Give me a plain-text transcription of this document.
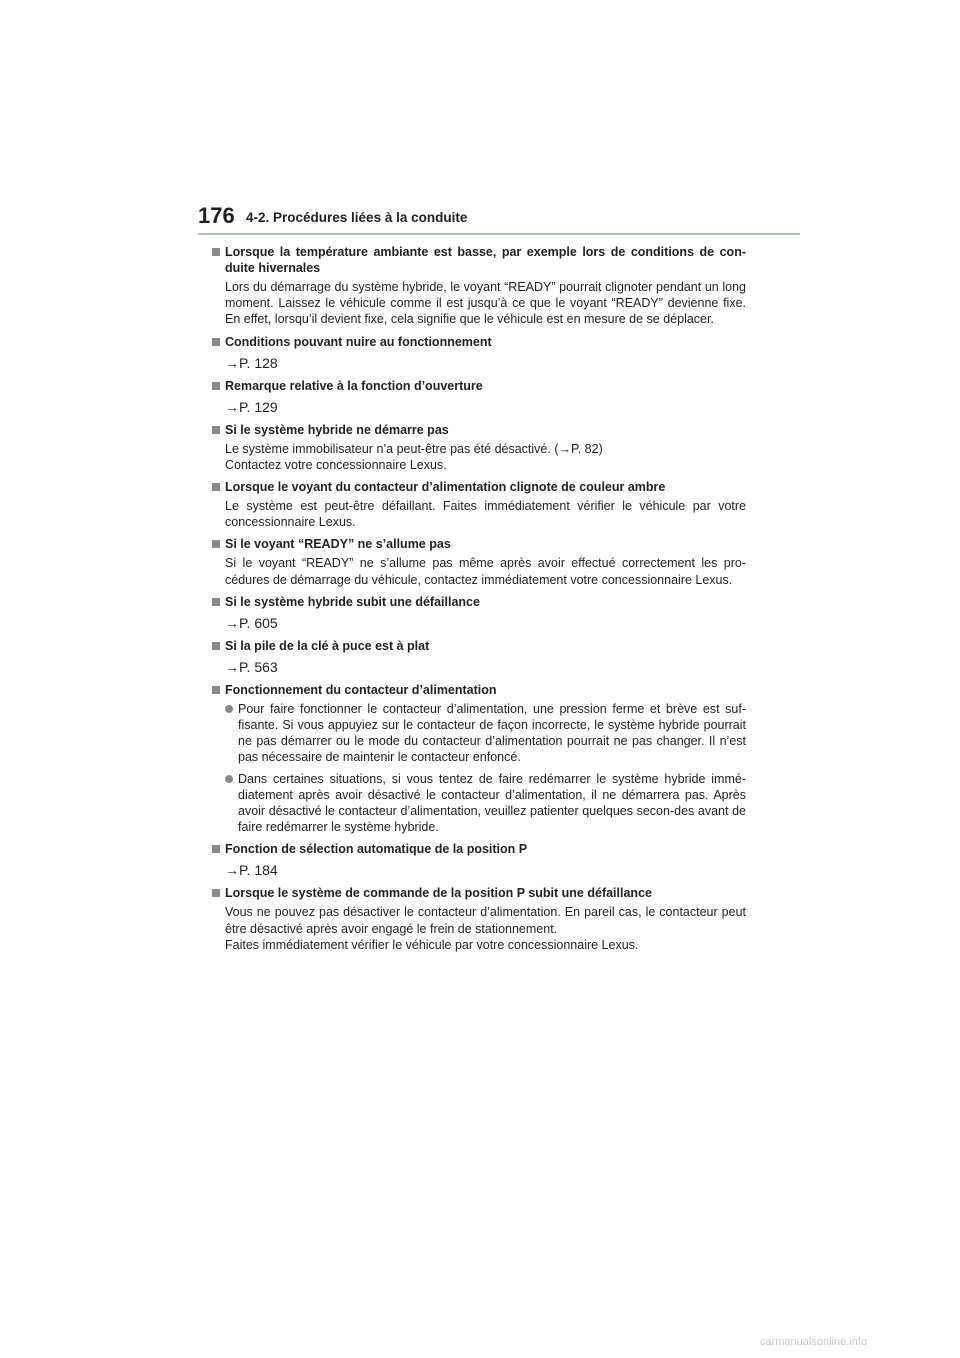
176 4-2. Procédures liées à la conduite
Lorsque la température ambiante est basse, par exemple lors de conditions de con-duite hivernales
Lors du démarrage du système hybride, le voyant “READY” pourrait clignoter pendant un long moment. Laissez le véhicule comme il est jusqu’à ce que le voyant “READY” devienne fixe. En effet, lorsqu’il devient fixe, cela signifie que le véhicule est en mesure de se déplacer.
Conditions pouvant nuire au fonctionnement
→P. 128
Remarque relative à la fonction d’ouverture
→P. 129
Si le système hybride ne démarre pas
Le système immobilisateur n’a peut-être pas été désactivé. (→P. 82)
Contactez votre concessionnaire Lexus.
Lorsque le voyant du contacteur d’alimentation clignote de couleur ambre
Le système est peut-être défaillant. Faites immédiatement vérifier le véhicule par votre concessionnaire Lexus.
Si le voyant “READY” ne s’allume pas
Si le voyant “READY” ne s’allume pas même après avoir effectué correctement les pro-cédures de démarrage du véhicule, contactez immédiatement votre concessionnaire Lexus.
Si le système hybride subit une défaillance
→P. 605
Si la pile de la clé à puce est à plat
→P. 563
Fonctionnement du contacteur d’alimentation
Pour faire fonctionner le contacteur d’alimentation, une pression ferme et brève est suf-fisante. Si vous appuyiez sur le contacteur de façon incorrecte, le système hybride pourrait ne pas démarrer ou le mode du contacteur d’alimentation pourrait ne pas changer. Il n’est pas nécessaire de maintenir le contacteur enfoncé.
Dans certaines situations, si vous tentez de faire redémarrer le système hybride immé-diatement après avoir désactivé le contacteur d’alimentation, il ne démarrera pas. Après avoir désactivé le contacteur d’alimentation, veuillez patienter quelques secon-des avant de faire redémarrer le système hybride.
Fonction de sélection automatique de la position P
→P. 184
Lorsque le système de commande de la position P subit une défaillance
Vous ne pouvez pas désactiver le contacteur d’alimentation. En pareil cas, le contacteur peut être désactivé après avoir engagé le frein de stationnement.
Faites immédiatement vérifier le véhicule par votre concessionnaire Lexus.
carmanualsonline.info
